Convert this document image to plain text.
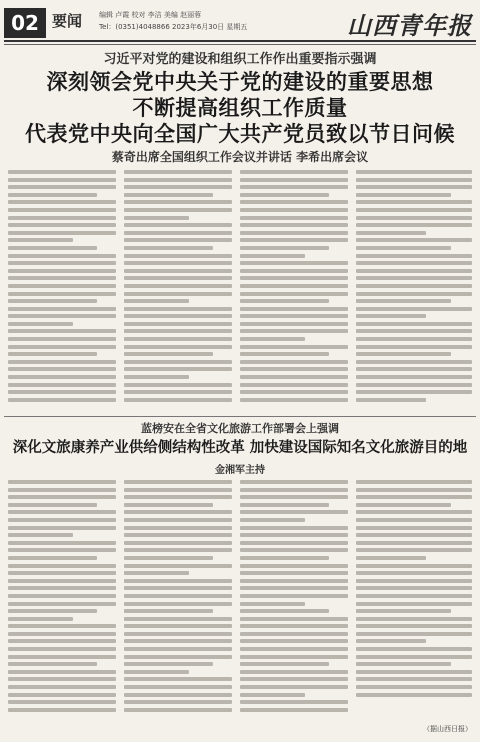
02 要闻 编辑 卢霞 校对 李洁 美编 赵丽蓉
Tel：(0351)4048866 2023年6月30日 星期五	山西青年报
习近平对党的建设和组织工作作出重要指示强调
深刻领会党中央关于党的建设的重要思想
不断提高组织工作质量
代表党中央向全国广大共产党员致以节日问候
蔡奇出席全国组织工作会议并讲话 李希出席会议
蓝榜安在全省文化旅游工作部署会上强调
深化文旅康养产业供给侧结构性改革 加快建设国际知名文化旅游目的地
金湘军主持
（据山西日报）
